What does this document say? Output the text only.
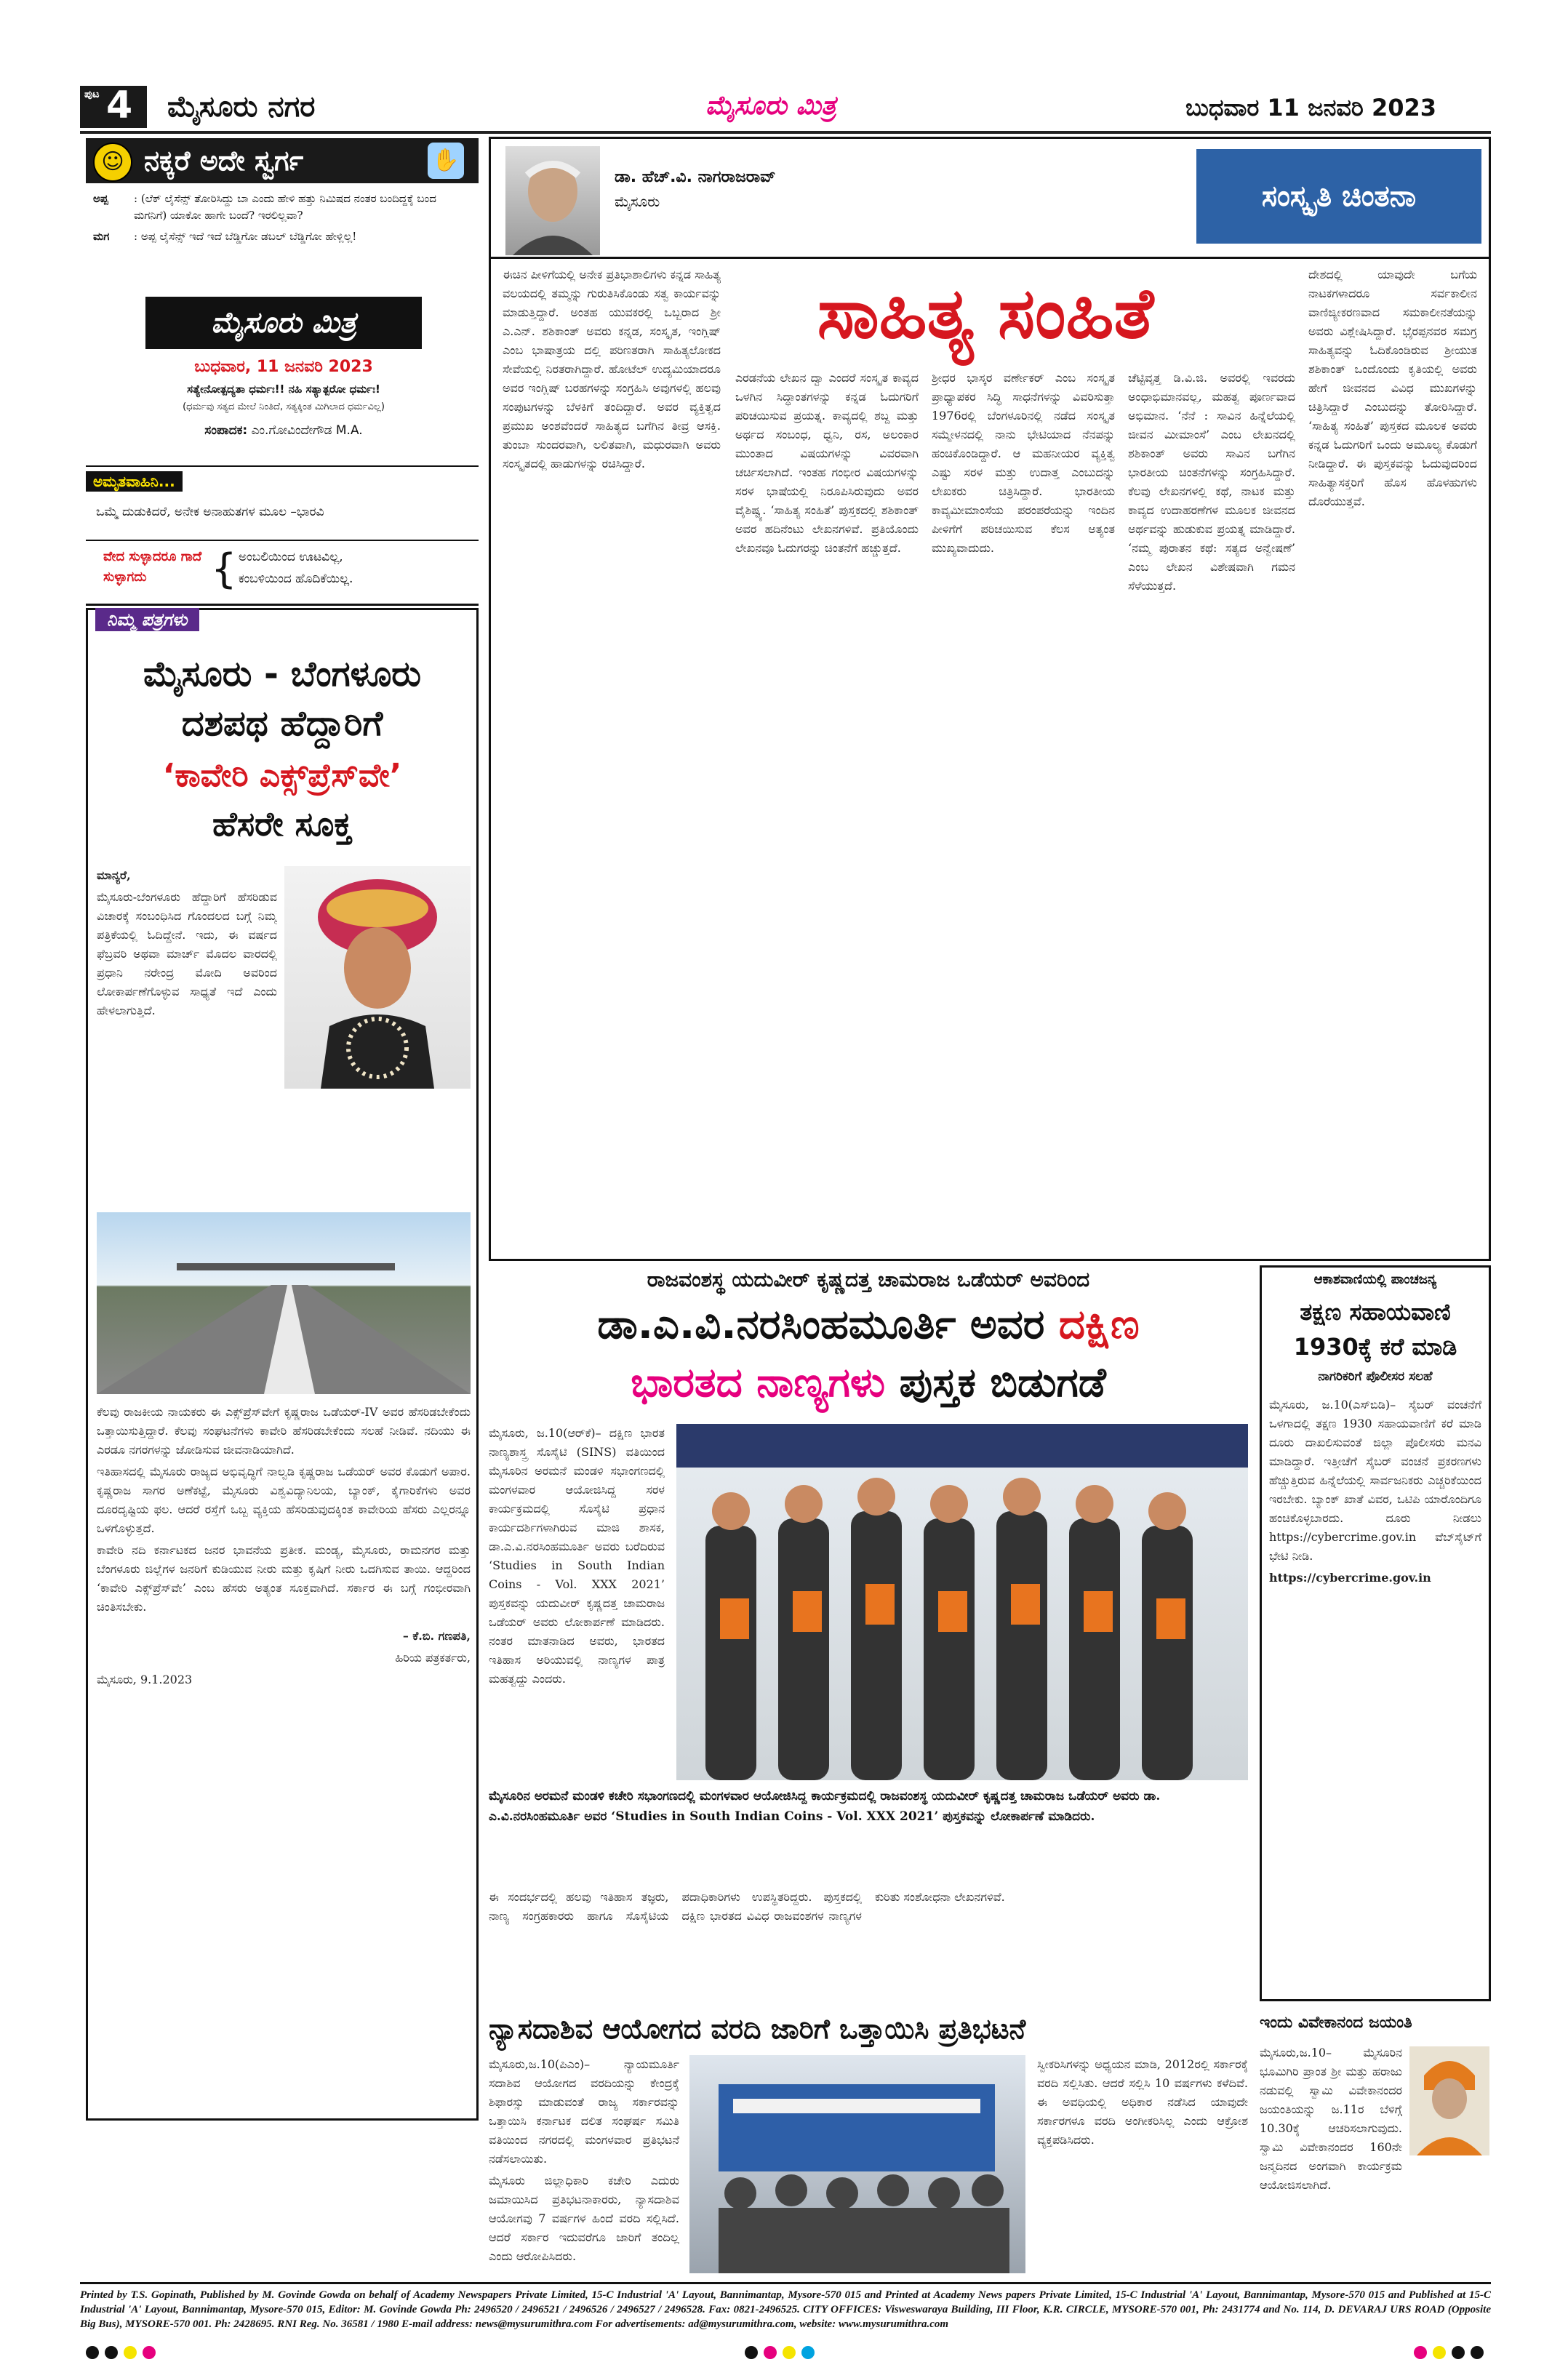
ಪುಟ 4 ಮೈಸೂರು ನಗರ	ಮೈಸೂರು ಮಿತ್ರ	ಬುಧವಾರ 11 ಜನವರಿ 2023
☺ ನಕ್ಕರೆ ಅದೇ ಸ್ವರ್ಗ	✋
ಅಪ್ಪ	: (ಲೆಕ್ ಲೈಸೆನ್ಸ್ ತೋರಿಸಿದ್ದು ಬಾ ಎಂದು ಹೇಳಿ ಹತ್ತು ನಿಮಿಷದ ನಂತರ ಬಂದಿದ್ದಕ್ಕೆ ಬಂದ ಮಗನಿಗೆ) ಯಾಕೋ ಹಾಗೇ ಬಂದೆ? ಇರಲಿಲ್ಲವಾ?
ಮಗ	: ಅಪ್ಪ ಲೈಸೆನ್ಸ್ ಇದೆ ಇದೆ ಬೆಡ್ಡಿಗೋ ಡಬಲ್ ಬೆಡ್ಡಿಗೋ ಹೇಳ್ಲಿಲ್ಲ!
ಮೈಸೂರು ಮಿತ್ರ
ಬುಧವಾರ, 11 ಜನವರಿ 2023
ಸತ್ಯೇನೋತ್ಪದ್ಯತಾ ಧರ್ಮಃ!! ನಹಿ ಸತ್ಯಾತ್ಪರೋ ಧರ್ಮಃ!
(ಧರ್ಮವು ಸತ್ಯದ ಮೇಲೆ ನಿಂತಿದೆ, ಸತ್ಯಕ್ಕಿಂತ ಮಿಗಿಲಾದ ಧರ್ಮವಿಲ್ಲ)
ಸಂಪಾದಕ: ಎಂ.ಗೋವಿಂದೇಗೌಡ M.A.
ಅಮೃತವಾಹಿನಿ...
ಒಮ್ಮೆ ದುಡುಕಿದರೆ, ಅನೇಕ ಅನಾಹುತಗಳ ಮೂಲ –ಭಾರವಿ
ವೇದ ಸುಳ್ಳಾದರೂ ಗಾದೆ ಸುಳ್ಳಾಗದು	{ ಅಂಬಲಿಯಿಂದ ಊಟವಿಲ್ಲ,
ಕಂಬಳಿಯಿಂದ ಹೊದಿಕೆಯಿಲ್ಲ.
ನಿಮ್ಮ ಪತ್ರಗಳು
ಮೈಸೂರು - ಬೆಂಗಳೂರು
ದಶಪಥ ಹೆದ್ದಾರಿಗೆ
‘ಕಾವೇರಿ ಎಕ್ಸ್‌ಪ್ರೆಸ್‌ವೇ’
ಹೆಸರೇ ಸೂಕ್ತ

ಮಾನ್ಯರೆ,

ಮೈಸೂರು-ಬೆಂಗಳೂರು ಹೆದ್ದಾರಿಗೆ ಹೆಸರಿಡುವ ವಿಚಾರಕ್ಕೆ ಸಂಬಂಧಿಸಿದ ಗೊಂದಲದ ಬಗ್ಗೆ ನಿಮ್ಮ ಪತ್ರಿಕೆಯಲ್ಲಿ ಓದಿದ್ದೇನೆ. ಇದು, ಈ ವರ್ಷದ ಫೆಬ್ರವರಿ ಅಥವಾ ಮಾರ್ಚ್ ಮೊದಲ ವಾರದಲ್ಲಿ ಪ್ರಧಾನಿ ನರೇಂದ್ರ ಮೋದಿ ಅವರಿಂದ ಲೋಕಾರ್ಪಣೆಗೊಳ್ಳುವ ಸಾಧ್ಯತೆ ಇದೆ ಎಂದು ಹೇಳಲಾಗುತ್ತಿದೆ.

ಕೆಲವು ರಾಜಕೀಯ ನಾಯಕರು ಈ ಎಕ್ಸ್‌ಪ್ರೆಸ್‌ವೇಗೆ ಕೃಷ್ಣರಾಜ ಒಡೆಯರ್-IV ಅವರ ಹೆಸರಿಡಬೇಕೆಂದು ಒತ್ತಾಯಿಸುತ್ತಿದ್ದಾರೆ. ಕೆಲವು ಸಂಘಟನೆಗಳು ಕಾವೇರಿ ಹೆಸರಿಡಬೇಕೆಂದು ಸಲಹೆ ನೀಡಿವೆ. ನದಿಯು ಈ ಎರಡೂ ನಗರಗಳನ್ನು ಜೋಡಿಸುವ ಜೀವನಾಡಿಯಾಗಿದೆ.

ಇತಿಹಾಸದಲ್ಲಿ ಮೈಸೂರು ರಾಜ್ಯದ ಅಭಿವೃದ್ಧಿಗೆ ನಾಲ್ವಡಿ ಕೃಷ್ಣರಾಜ ಒಡೆಯರ್ ಅವರ ಕೊಡುಗೆ ಅಪಾರ. ಕೃಷ್ಣರಾಜ ಸಾಗರ ಅಣೆಕಟ್ಟೆ, ಮೈಸೂರು ವಿಶ್ವವಿದ್ಯಾನಿಲಯ, ಬ್ಯಾಂಕ್, ಕೈಗಾರಿಕೆಗಳು ಅವರ ದೂರದೃಷ್ಟಿಯ ಫಲ. ಆದರೆ ರಸ್ತೆಗೆ ಒಬ್ಬ ವ್ಯಕ್ತಿಯ ಹೆಸರಿಡುವುದಕ್ಕಿಂತ ಕಾವೇರಿಯ ಹೆಸರು ಎಲ್ಲರನ್ನೂ ಒಳಗೊಳ್ಳುತ್ತದೆ.

ಕಾವೇರಿ ನದಿ ಕರ್ನಾಟಕದ ಜನರ ಭಾವನೆಯ ಪ್ರತೀಕ. ಮಂಡ್ಯ, ಮೈಸೂರು, ರಾಮನಗರ ಮತ್ತು ಬೆಂಗಳೂರು ಜಿಲ್ಲೆಗಳ ಜನರಿಗೆ ಕುಡಿಯುವ ನೀರು ಮತ್ತು ಕೃಷಿಗೆ ನೀರು ಒದಗಿಸುವ ತಾಯಿ. ಆದ್ದರಿಂದ ‘ಕಾವೇರಿ ಎಕ್ಸ್‌ಪ್ರೆಸ್‌ವೇ’ ಎಂಬ ಹೆಸರು ಅತ್ಯಂತ ಸೂಕ್ತವಾಗಿದೆ. ಸರ್ಕಾರ ಈ ಬಗ್ಗೆ ಗಂಭೀರವಾಗಿ ಚಿಂತಿಸಬೇಕು.

– ಕೆ.ಬಿ. ಗಣಪತಿ,

ಹಿರಿಯ ಪತ್ರಕರ್ತರು,

ಮೈಸೂರು, 9.1.2023

ಡಾ. ಹೆಚ್.ವಿ. ನಾಗರಾಜರಾವ್
ಮೈಸೂರು	ಸಂಸ್ಕೃತಿ ಚಿಂತನಾ
ಸಾಹಿತ್ಯ ಸಂಹಿತೆ

ಈಚಿನ ಪೀಳಿಗೆಯಲ್ಲಿ ಅನೇಕ ಪ್ರತಿಭಾಶಾಲಿಗಳು ಕನ್ನಡ ಸಾಹಿತ್ಯ ವಲಯದಲ್ಲಿ ತಮ್ಮನ್ನು ಗುರುತಿಸಿಕೊಂಡು ಸತ್ವ ಕಾರ್ಯವನ್ನು ಮಾಡುತ್ತಿದ್ದಾರೆ. ಅಂತಹ ಯುವಕರಲ್ಲಿ ಒಬ್ಬರಾದ ಶ್ರೀ ಎ.ಎನ್. ಶಶಿಕಾಂತ್ ಅವರು ಕನ್ನಡ, ಸಂಸ್ಕೃತ, ಇಂಗ್ಲಿಷ್ ಎಂಬ ಭಾಷಾತ್ರಯ ದಲ್ಲಿ ಪರಿಣತರಾಗಿ ಸಾಹಿತ್ಯಲೋಕದ ಸೇವೆಯಲ್ಲಿ ನಿರತರಾಗಿದ್ದಾರೆ. ಹೋಟೆಲ್ ಉದ್ಯಮಿಯಾದರೂ ಅವರ ಇಂಗ್ಲಿಷ್ ಬರಹಗಳನ್ನು ಸಂಗ್ರಹಿಸಿ ಅವುಗಳಲ್ಲಿ ಹಲವು ಸಂಪುಟಗಳನ್ನು ಬೆಳಕಿಗೆ ತಂದಿದ್ದಾರೆ. ಅವರ ವ್ಯಕ್ತಿತ್ವದ ಪ್ರಮುಖ ಅಂಶವೆಂದರೆ ಸಾಹಿತ್ಯದ ಬಗೆಗಿನ ತೀವ್ರ ಆಸಕ್ತಿ. ತುಂಬಾ ಸುಂದರವಾಗಿ, ಲಲಿತವಾಗಿ, ಮಧುರವಾಗಿ ಅವರು ಸಂಸ್ಕೃತದಲ್ಲಿ ಹಾಡುಗಳನ್ನು ರಚಿಸಿದ್ದಾರೆ.

ಎರಡನೆಯ ಲೇಖನ ದ್ವಾ ಎಂದರೆ ಸಂಸ್ಕೃತ ಕಾವ್ಯದ ಒಳಗಿನ ಸಿದ್ಧಾಂತಗಳನ್ನು ಕನ್ನಡ ಓದುಗರಿಗೆ ಪರಿಚಯಿಸುವ ಪ್ರಯತ್ನ. ಕಾವ್ಯದಲ್ಲಿ ಶಬ್ದ ಮತ್ತು ಅರ್ಥದ ಸಂಬಂಧ, ಧ್ವನಿ, ರಸ, ಅಲಂಕಾರ ಮುಂತಾದ ವಿಷಯಗಳನ್ನು ವಿವರವಾಗಿ ಚರ್ಚಿಸಲಾಗಿದೆ. ಇಂತಹ ಗಂಭೀರ ವಿಷಯಗಳನ್ನು ಸರಳ ಭಾಷೆಯಲ್ಲಿ ನಿರೂಪಿಸಿರುವುದು ಅವರ ವೈಶಿಷ್ಟ್ಯ. ‘ಸಾಹಿತ್ಯ ಸಂಹಿತೆ’ ಪುಸ್ತಕದಲ್ಲಿ ಶಶಿಕಾಂತ್ ಅವರ ಹದಿನೆಂಟು ಲೇಖನಗಳಿವೆ. ಪ್ರತಿಯೊಂದು ಲೇಖನವೂ ಓದುಗರನ್ನು ಚಿಂತನೆಗೆ ಹಚ್ಚುತ್ತದೆ.

ಶ್ರೀಧರ ಭಾಸ್ಕರ ವರ್ಣೇಕರ್ ಎಂಬ ಸಂಸ್ಕೃತ ಪ್ರಾಧ್ಯಾಪಕರ ಸಿದ್ಧಿ ಸಾಧನೆಗಳನ್ನು ವಿವರಿಸುತ್ತಾ 1976ರಲ್ಲಿ ಬೆಂಗಳೂರಿನಲ್ಲಿ ನಡೆದ ಸಂಸ್ಕೃತ ಸಮ್ಮೇಳನದಲ್ಲಿ ನಾನು ಭೇಟಿಯಾದ ನೆನಪನ್ನು ಹಂಚಿಕೊಂಡಿದ್ದಾರೆ. ಆ ಮಹನೀಯರ ವ್ಯಕ್ತಿತ್ವ ಎಷ್ಟು ಸರಳ ಮತ್ತು ಉದಾತ್ತ ಎಂಬುದನ್ನು ಲೇಖಕರು ಚಿತ್ರಿಸಿದ್ದಾರೆ. ಭಾರತೀಯ ಕಾವ್ಯಮೀಮಾಂಸೆಯ ಪರಂಪರೆಯನ್ನು ಇಂದಿನ ಪೀಳಿಗೆಗೆ ಪರಿಚಯಿಸುವ ಕೆಲಸ ಅತ್ಯಂತ ಮುಖ್ಯವಾದುದು.

ಚೆಟ್ಟಿವೃತ್ತ ಡಿ.ವಿ.ಜಿ. ಅವರಲ್ಲಿ ಇವರದು ಅಂಧಾಭಿಮಾನವಲ್ಲ, ಮಹತ್ವ ಪೂರ್ಣವಾದ ಅಭಿಮಾನ. ‘ನೆನೆ : ಸಾವಿನ ಹಿನ್ನೆಲೆಯಲ್ಲಿ ಜೀವನ ಮೀಮಾಂಸೆ’ ಎಂಬ ಲೇಖನದಲ್ಲಿ ಶಶಿಕಾಂತ್ ಅವರು ಸಾವಿನ ಬಗೆಗಿನ ಭಾರತೀಯ ಚಿಂತನೆಗಳನ್ನು ಸಂಗ್ರಹಿಸಿದ್ದಾರೆ. ಕೆಲವು ಲೇಖನಗಳಲ್ಲಿ ಕಥೆ, ನಾಟಕ ಮತ್ತು ಕಾವ್ಯದ ಉದಾಹರಣೆಗಳ ಮೂಲಕ ಜೀವನದ ಅರ್ಥವನ್ನು ಹುಡುಕುವ ಪ್ರಯತ್ನ ಮಾಡಿದ್ದಾರೆ. ‘ನಮ್ಮ ಪುರಾತನ ಕಥೆ: ಸತ್ಯದ ಅನ್ವೇಷಣೆ’ ಎಂಬ ಲೇಖನ ವಿಶೇಷವಾಗಿ ಗಮನ ಸೆಳೆಯುತ್ತದೆ.

ದೇಶದಲ್ಲಿ ಯಾವುದೇ ಬಗೆಯ ನಾಟಕಗಳಾದರೂ ಸರ್ವಕಾಲೀನ ವಾಣಿಜ್ಯೀಕರಣವಾದ ಸಮಕಾಲೀನತೆಯನ್ನು ಅವರು ವಿಶ್ಲೇಷಿಸಿದ್ದಾರೆ. ಭೈರಪ್ಪನವರ ಸಮಗ್ರ ಸಾಹಿತ್ಯವನ್ನು ಓದಿಕೊಂಡಿರುವ ಶ್ರೀಯುತ ಶಶಿಕಾಂತ್ ಒಂದೊಂದು ಕೃತಿಯಲ್ಲಿ ಅವರು ಹೇಗೆ ಜೀವನದ ವಿವಿಧ ಮುಖಗಳನ್ನು ಚಿತ್ರಿಸಿದ್ದಾರೆ ಎಂಬುದನ್ನು ತೋರಿಸಿದ್ದಾರೆ. ‘ಸಾಹಿತ್ಯ ಸಂಹಿತೆ’ ಪುಸ್ತಕದ ಮೂಲಕ ಅವರು ಕನ್ನಡ ಓದುಗರಿಗೆ ಒಂದು ಅಮೂಲ್ಯ ಕೊಡುಗೆ ನೀಡಿದ್ದಾರೆ. ಈ ಪುಸ್ತಕವನ್ನು ಓದುವುದರಿಂದ ಸಾಹಿತ್ಯಾಸಕ್ತರಿಗೆ ಹೊಸ ಹೊಳಹುಗಳು ದೊರೆಯುತ್ತವೆ.

ರಾಜವಂಶಸ್ಥ ಯದುವೀರ್ ಕೃಷ್ಣದತ್ತ ಚಾಮರಾಜ ಒಡೆಯರ್ ಅವರಿಂದ
ಡಾ.ಎ.ವಿ.ನರಸಿಂಹಮೂರ್ತಿ ಅವರ ದಕ್ಷಿಣ
ಭಾರತದ ನಾಣ್ಯಗಳು ಪುಸ್ತಕ ಬಿಡುಗಡೆ

ಮೈಸೂರು, ಜ.10(ಆರ್‌ಕೆ)– ದಕ್ಷಿಣ ಭಾರತ ನಾಣ್ಯಶಾಸ್ತ್ರ ಸೊಸೈಟಿ (SINS) ವತಿಯಿಂದ ಮೈಸೂರಿನ ಅರಮನೆ ಮಂಡಳಿ ಸಭಾಂಗಣದಲ್ಲಿ ಮಂಗಳವಾರ ಆಯೋಜಿಸಿದ್ದ ಸರಳ ಕಾರ್ಯಕ್ರಮದಲ್ಲಿ ಸೊಸೈಟಿ ಪ್ರಧಾನ ಕಾರ್ಯದರ್ಶಿಗಳಾಗಿರುವ ಮಾಜಿ ಶಾಸಕ, ಡಾ.ಎ.ವಿ.ನರಸಿಂಹಮೂರ್ತಿ ಅವರು ಬರೆದಿರುವ ‘Studies in South Indian Coins - Vol. XXX 2021’ ಪುಸ್ತಕವನ್ನು ಯದುವೀರ್ ಕೃಷ್ಣದತ್ತ ಚಾಮರಾಜ ಒಡೆಯರ್ ಅವರು ಲೋಕಾರ್ಪಣೆ ಮಾಡಿದರು. ನಂತರ ಮಾತನಾಡಿದ ಅವರು, ಭಾರತದ ಇತಿಹಾಸ ಅರಿಯುವಲ್ಲಿ ನಾಣ್ಯಗಳ ಪಾತ್ರ ಮಹತ್ವದ್ದು ಎಂದರು.

ಮೈಸೂರಿನ ಅರಮನೆ ಮಂಡಳಿ ಕಚೇರಿ ಸಭಾಂಗಣದಲ್ಲಿ ಮಂಗಳವಾರ ಆಯೋಜಿಸಿದ್ದ ಕಾರ್ಯಕ್ರಮದಲ್ಲಿ ರಾಜವಂಶಸ್ಥ ಯದುವೀರ್ ಕೃಷ್ಣದತ್ತ ಚಾಮರಾಜ ಒಡೆಯರ್ ಅವರು ಡಾ. ಎ.ವಿ.ನರಸಿಂಹಮೂರ್ತಿ ಅವರ ‘Studies in South Indian Coins - Vol. XXX 2021’ ಪುಸ್ತಕವನ್ನು ಲೋಕಾರ್ಪಣೆ ಮಾಡಿದರು.

ಈ ಸಂದರ್ಭದಲ್ಲಿ ಹಲವು ಇತಿಹಾಸ ತಜ್ಞರು, ನಾಣ್ಯ ಸಂಗ್ರಹಕಾರರು ಹಾಗೂ ಸೊಸೈಟಿಯ ಪದಾಧಿಕಾರಿಗಳು ಉಪಸ್ಥಿತರಿದ್ದರು. ಪುಸ್ತಕದಲ್ಲಿ ದಕ್ಷಿಣ ಭಾರತದ ವಿವಿಧ ರಾಜವಂಶಗಳ ನಾಣ್ಯಗಳ ಕುರಿತು ಸಂಶೋಧನಾ ಲೇಖನಗಳಿವೆ.

ಆಕಾಶವಾಣಿಯಲ್ಲಿ ಪಾಂಚಜನ್ಯ
ತಕ್ಷಣ ಸಹಾಯವಾಣಿ
1930ಕ್ಕೆ ಕರೆ ಮಾಡಿ
ನಾಗರಿಕರಿಗೆ ಪೊಲೀಸರ ಸಲಹೆ

ಮೈಸೂರು, ಜ.10(ಎಸ್‌ಬಿಡಿ)– ಸೈಬರ್ ವಂಚನೆಗೆ ಒಳಗಾದಲ್ಲಿ ತಕ್ಷಣ 1930 ಸಹಾಯವಾಣಿಗೆ ಕರೆ ಮಾಡಿ ದೂರು ದಾಖಲಿಸುವಂತೆ ಜಿಲ್ಲಾ ಪೊಲೀಸರು ಮನವಿ ಮಾಡಿದ್ದಾರೆ. ಇತ್ತೀಚೆಗೆ ಸೈಬರ್ ವಂಚನೆ ಪ್ರಕರಣಗಳು ಹೆಚ್ಚುತ್ತಿರುವ ಹಿನ್ನೆಲೆಯಲ್ಲಿ ಸಾರ್ವಜನಿಕರು ಎಚ್ಚರಿಕೆಯಿಂದ ಇರಬೇಕು. ಬ್ಯಾಂಕ್ ಖಾತೆ ವಿವರ, ಒಟಿಪಿ ಯಾರೊಂದಿಗೂ ಹಂಚಿಕೊಳ್ಳಬಾರದು. ದೂರು ನೀಡಲು https://cybercrime.gov.in ವೆಬ್‌ಸೈಟ್‌ಗೆ ಭೇಟಿ ನೀಡಿ.

https://cybercrime.gov.in

ನ್ಯಾಸದಾಶಿವ ಆಯೋಗದ ವರದಿ ಜಾರಿಗೆ ಒತ್ತಾಯಿಸಿ ಪ್ರತಿಭಟನೆ

ಮೈಸೂರು,ಜ.10(ಪಿಎಂ)– ನ್ಯಾಯಮೂರ್ತಿ ಸದಾಶಿವ ಆಯೋಗದ ವರದಿಯನ್ನು ಕೇಂದ್ರಕ್ಕೆ ಶಿಫಾರಸ್ಸು ಮಾಡುವಂತೆ ರಾಜ್ಯ ಸರ್ಕಾರವನ್ನು ಒತ್ತಾಯಿಸಿ ಕರ್ನಾಟಕ ದಲಿತ ಸಂಘರ್ಷ ಸಮಿತಿ ವತಿಯಿಂದ ನಗರದಲ್ಲಿ ಮಂಗಳವಾರ ಪ್ರತಿಭಟನೆ ನಡೆಸಲಾಯಿತು.

ಮೈಸೂರು ಜಿಲ್ಲಾಧಿಕಾರಿ ಕಚೇರಿ ಎದುರು ಜಮಾಯಿಸಿದ ಪ್ರತಿಭಟನಾಕಾರರು, ನ್ಯಾಸದಾಶಿವ ಆಯೋಗವು 7 ವರ್ಷಗಳ ಹಿಂದೆ ವರದಿ ಸಲ್ಲಿಸಿದೆ. ಆದರೆ ಸರ್ಕಾರ ಇದುವರೆಗೂ ಜಾರಿಗೆ ತಂದಿಲ್ಲ ಎಂದು ಆರೋಪಿಸಿದರು.

ಸ್ವೀಕರಿಸಿಗಳನ್ನು ಅಧ್ಯಯನ ಮಾಡಿ, 2012ರಲ್ಲಿ ಸರ್ಕಾರಕ್ಕೆ ವರದಿ ಸಲ್ಲಿಸಿತು. ಆದರೆ ಸಲ್ಲಿಸಿ 10 ವರ್ಷಗಳು ಕಳೆದಿವೆ. ಈ ಅವಧಿಯಲ್ಲಿ ಅಧಿಕಾರ ನಡೆಸಿದ ಯಾವುದೇ ಸರ್ಕಾರಗಳೂ ವರದಿ ಅಂಗೀಕರಿಸಿಲ್ಲ ಎಂದು ಆಕ್ರೋಶ ವ್ಯಕ್ತಪಡಿಸಿದರು.

ಇಂದು ವಿವೇಕಾನಂದ ಜಯಂತಿ

ಮೈಸೂರು,ಜ.10– ಮೈಸೂರಿನ ಭೂಮಿಗಿರಿ ಪ್ರಾಂತ ಶ್ರೀ ಮತ್ತು ಹರಾಜು ನಡುವಲ್ಲಿ ಸ್ವಾಮಿ ವಿವೇಕಾನಂದರ ಜಯಂತಿಯನ್ನು ಜ.11ರ ಬೆಳಿಗ್ಗೆ 10.30ಕ್ಕೆ ಆಚರಿಸಲಾಗುವುದು. ಸ್ವಾಮಿ ವಿವೇಕಾನಂದರ 160ನೇ ಜನ್ಮದಿನದ ಅಂಗವಾಗಿ ಕಾರ್ಯಕ್ರಮ ಆಯೋಜಿಸಲಾಗಿದೆ.

Printed by T.S. Gopinath, Published by M. Govinde Gowda on behalf of Academy Newspapers Private Limited, 15-C Industrial 'A' Layout, Bannimantap, Mysore-570 015 and Printed at Academy News papers Private Limited, 15-C Industrial 'A' Layout, Bannimantap, Mysore-570 015 and Published at 15-C Industrial 'A' Layout, Bannimantap, Mysore-570 015, Editor: M. Govinde Gowda Ph: 2496520 / 2496521 / 2496526 / 2496527 / 2496528. Fax: 0821-2496525. CITY OFFICES: Visweswaraya Building, III Floor, K.R. CIRCLE, MYSORE-570 001, Ph: 2431774 and No. 114, D. DEVARAJ URS ROAD (Opposite Big Bus), MYSORE-570 001. Ph: 2428695. RNI Reg. No. 36581 / 1980 E-mail address: news@mysurumithra.com For advertisements: ad@mysurumithra.com, website: www.mysurumithra.com
